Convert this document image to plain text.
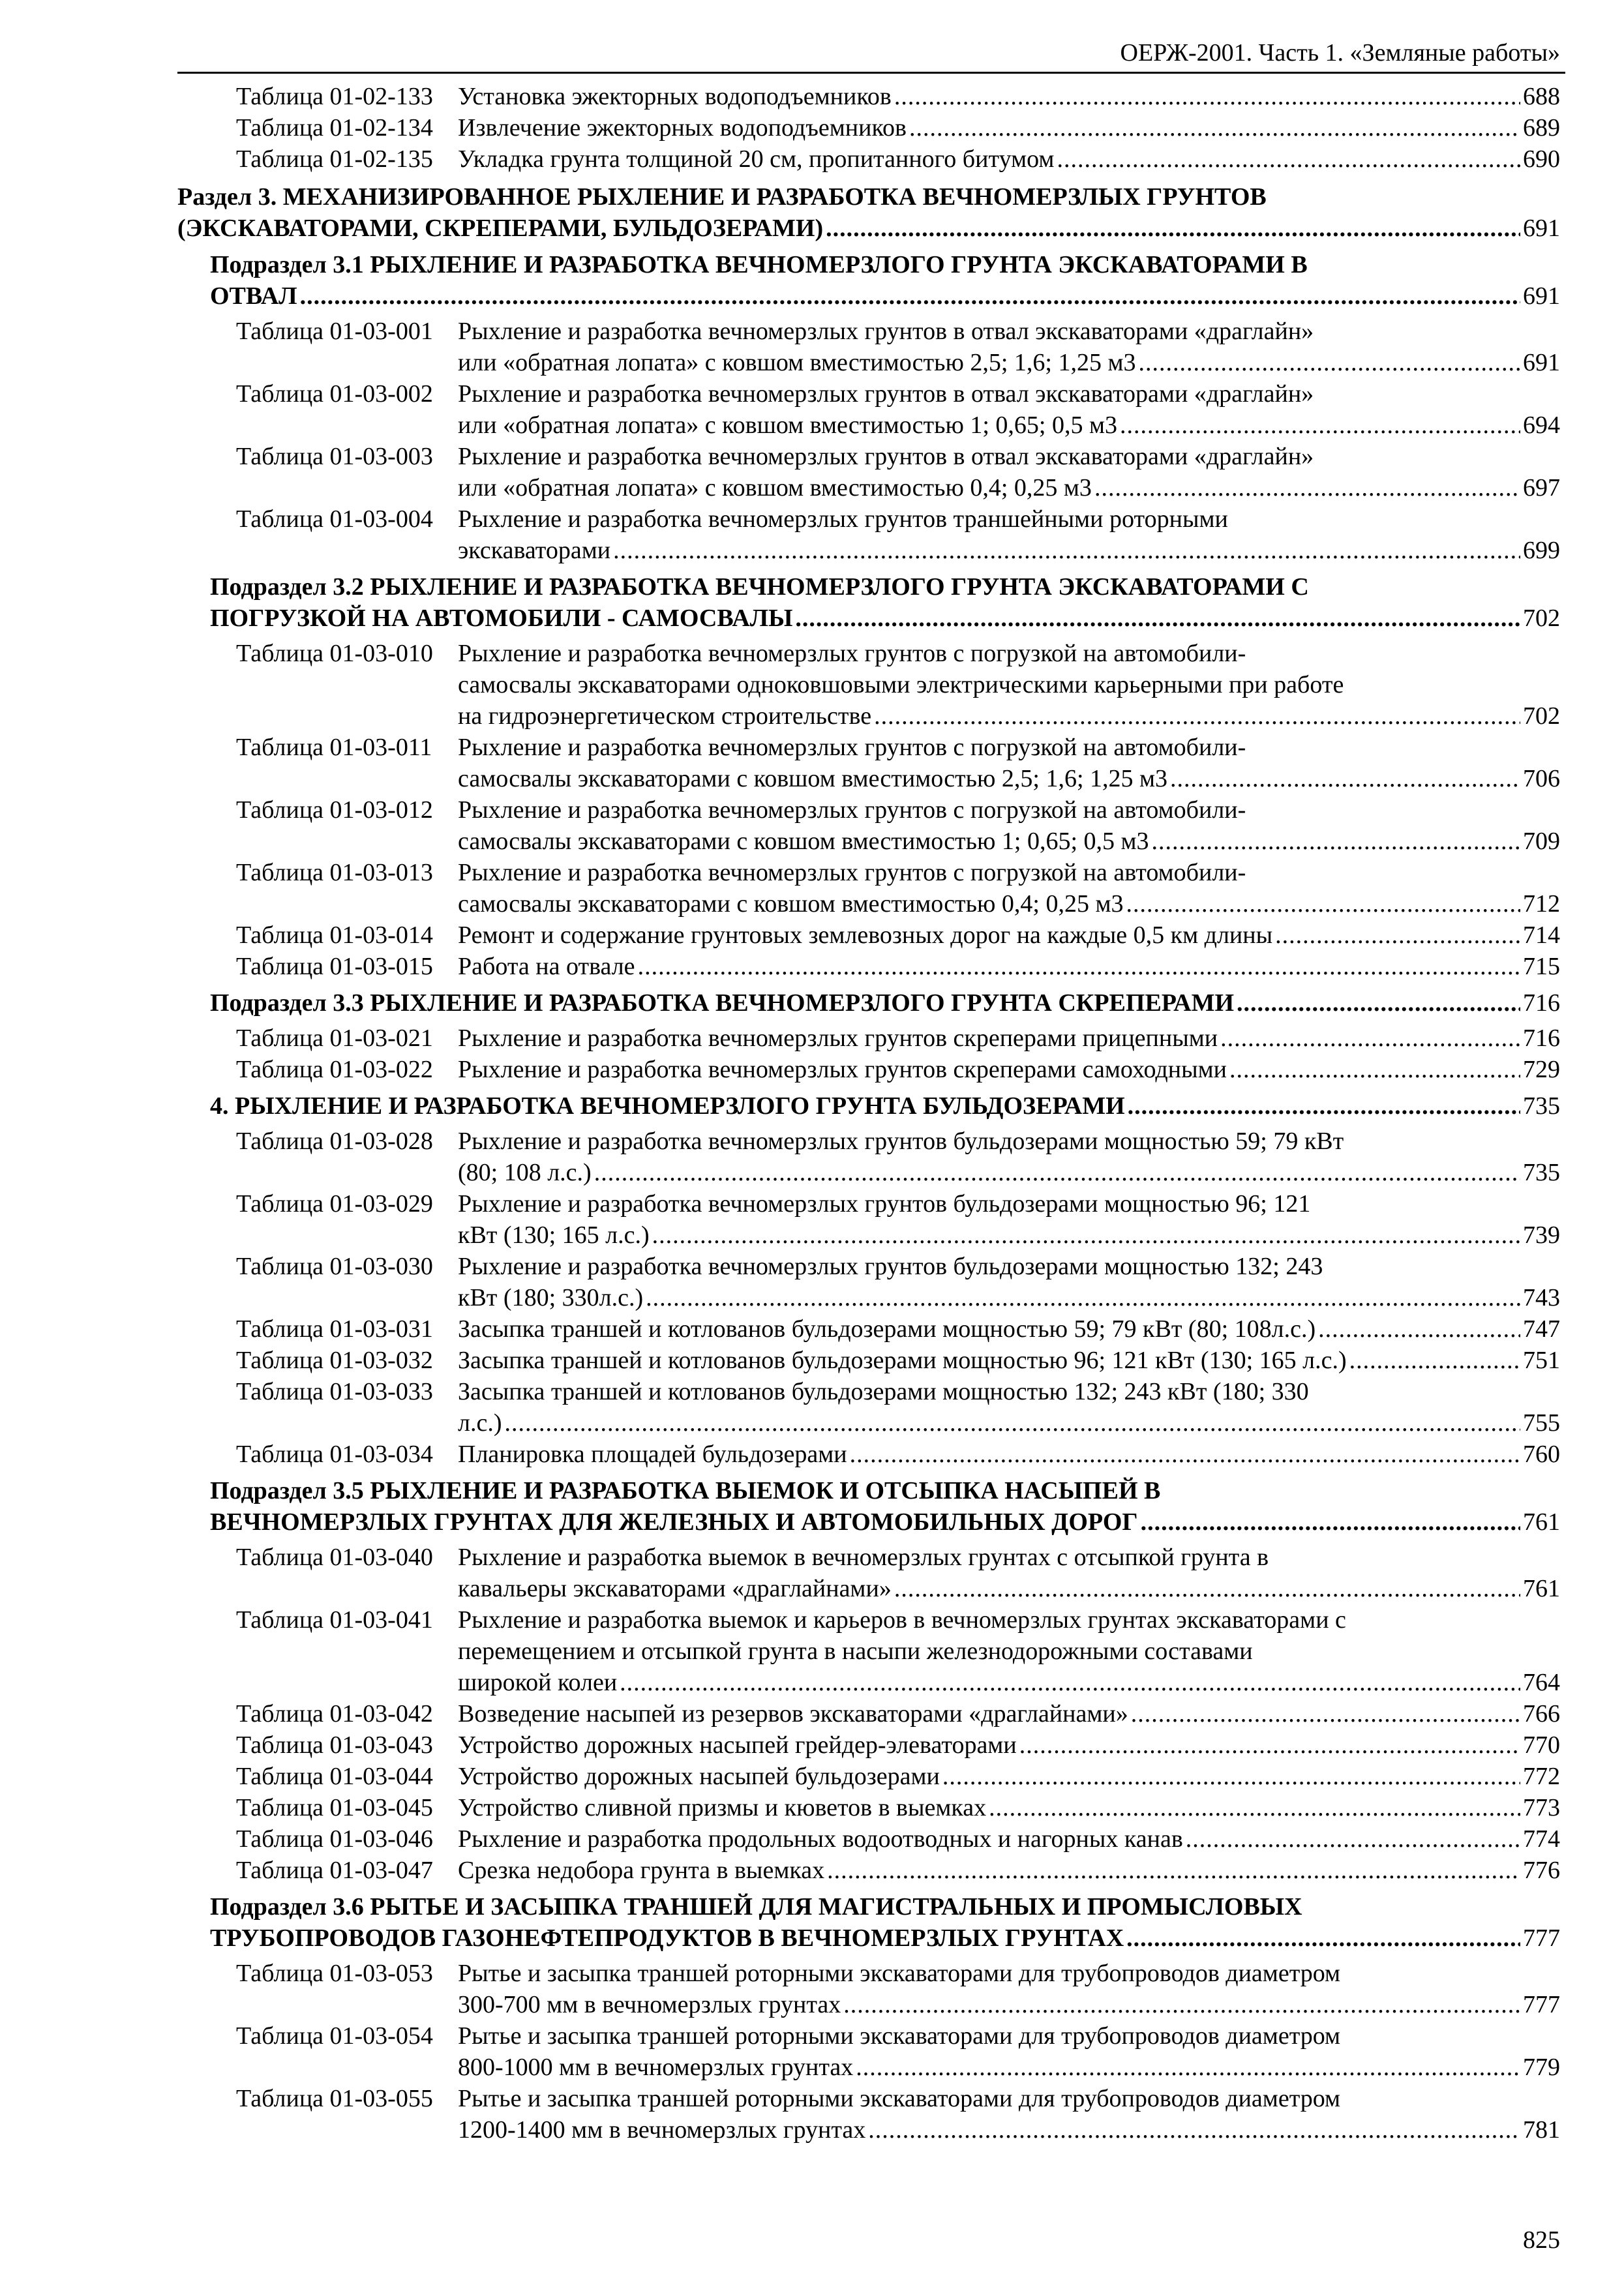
ОЕРЖ-2001. Часть 1. «Земляные работы»
Таблица 01-02-133	Установка эжекторных водоподъемников .....	688
Таблица 01-02-134	Извлечение эжекторных водоподъемников .....	689
Таблица 01-02-135	Укладка грунта толщиной 20 см, пропитанного битумом .....	690
Раздел 3. МЕХАНИЗИРОВАННОЕ РЫХЛЕНИЕ И РАЗРАБОТКА ВЕЧНОМЕРЗЛЫХ ГРУНТОВ
(ЭКСКАВАТОРАМИ, СКРЕПЕРАМИ, БУЛЬДОЗЕРАМИ) .....	691
Подраздел 3.1 РЫХЛЕНИЕ И РАЗРАБОТКА ВЕЧНОМЕРЗЛОГО ГРУНТА ЭКСКАВАТОРАМИ В
ОТВАЛ .....	691
Таблица 01-03-001	Рыхление и разработка вечномерзлых грунтов в отвал экскаваторами «драглайн»
или «обратная лопата» с ковшом вместимостью 2,5; 1,6; 1,25 м3 .....	691
Таблица 01-03-002	Рыхление и разработка вечномерзлых грунтов в отвал экскаваторами «драглайн»
или «обратная лопата» с ковшом вместимостью 1; 0,65; 0,5 м3 .....	694
Таблица 01-03-003	Рыхление и разработка вечномерзлых грунтов в отвал экскаваторами «драглайн»
или «обратная лопата» с ковшом вместимостью 0,4; 0,25 м3 .....	697
Таблица 01-03-004	Рыхление и разработка вечномерзлых грунтов траншейными роторными
экскаваторами .....	699
Подраздел 3.2 РЫХЛЕНИЕ И РАЗРАБОТКА ВЕЧНОМЕРЗЛОГО ГРУНТА ЭКСКАВАТОРАМИ С
ПОГРУЗКОЙ НА АВТОМОБИЛИ - САМОСВАЛЫ .....	702
Таблица 01-03-010	Рыхление и разработка вечномерзлых грунтов с погрузкой на автомобили-
самосвалы экскаваторами одноковшовыми электрическими карьерными при работе
на гидроэнергетическом строительстве .....	702
Таблица 01-03-011	Рыхление и разработка вечномерзлых грунтов с погрузкой на автомобили-
самосвалы экскаваторами с ковшом вместимостью 2,5; 1,6; 1,25 м3 .....	706
Таблица 01-03-012	Рыхление и разработка вечномерзлых грунтов с погрузкой на автомобили-
самосвалы экскаваторами с ковшом вместимостью 1; 0,65; 0,5 м3 .....	709
Таблица 01-03-013	Рыхление и разработка вечномерзлых грунтов с погрузкой на автомобили-
самосвалы экскаваторами с ковшом вместимостью 0,4; 0,25 м3 .....	712
Таблица 01-03-014	Ремонт и содержание грунтовых землевозных дорог на каждые 0,5 км длины .....	714
Таблица 01-03-015	Работа на отвале .....	715
Подраздел 3.3 РЫХЛЕНИЕ И РАЗРАБОТКА ВЕЧНОМЕРЗЛОГО ГРУНТА СКРЕПЕРАМИ .....	716
Таблица 01-03-021	Рыхление и разработка вечномерзлых грунтов скреперами прицепными .....	716
Таблица 01-03-022	Рыхление и разработка вечномерзлых грунтов скреперами самоходными .....	729
4. РЫХЛЕНИЕ И РАЗРАБОТКА ВЕЧНОМЕРЗЛОГО ГРУНТА БУЛЬДОЗЕРАМИ .....	735
Таблица 01-03-028	Рыхление и разработка вечномерзлых грунтов бульдозерами мощностью 59; 79 кВт
(80; 108 л.с.) .....	735
Таблица 01-03-029	Рыхление и разработка вечномерзлых грунтов бульдозерами мощностью 96; 121
кВт (130; 165 л.с.) .....	739
Таблица 01-03-030	Рыхление и разработка вечномерзлых грунтов бульдозерами мощностью 132; 243
кВт (180; 330л.с.) .....	743
Таблица 01-03-031	Засыпка траншей и котлованов бульдозерами мощностью 59; 79 кВт (80; 108л.с.) .....	747
Таблица 01-03-032	Засыпка траншей и котлованов бульдозерами мощностью 96; 121 кВт (130; 165 л.с.) .....	751
Таблица 01-03-033	Засыпка траншей и котлованов бульдозерами мощностью 132; 243 кВт (180; 330
л.с.) .....	755
Таблица 01-03-034	Планировка площадей бульдозерами .....	760
Подраздел 3.5 РЫХЛЕНИЕ И РАЗРАБОТКА ВЫЕМОК И ОТСЫПКА НАСЫПЕЙ В
ВЕЧНОМЕРЗЛЫХ ГРУНТАХ ДЛЯ ЖЕЛЕЗНЫХ И АВТОМОБИЛЬНЫХ ДОРОГ .....	761
Таблица 01-03-040	Рыхление и разработка выемок в вечномерзлых грунтах с отсыпкой грунта в
кавальеры экскаваторами «драглайнами» .....	761
Таблица 01-03-041	Рыхление и разработка выемок и карьеров в вечномерзлых грунтах экскаваторами с
перемещением и отсыпкой грунта в насыпи железнодорожными составами
широкой колеи .....	764
Таблица 01-03-042	Возведение насыпей из резервов экскаваторами «драглайнами» .....	766
Таблица 01-03-043	Устройство дорожных насыпей грейдер-элеваторами .....	770
Таблица 01-03-044	Устройство дорожных насыпей бульдозерами .....	772
Таблица 01-03-045	Устройство сливной призмы и кюветов в выемках .....	773
Таблица 01-03-046	Рыхление и разработка продольных водоотводных и нагорных канав .....	774
Таблица 01-03-047	Срезка недобора грунта в выемках .....	776
Подраздел 3.6 РЫТЬЕ И ЗАСЫПКА ТРАНШЕЙ ДЛЯ МАГИСТРАЛЬНЫХ И ПРОМЫСЛОВЫХ
ТРУБОПРОВОДОВ ГАЗОНЕФТЕПРОДУКТОВ В ВЕЧНОМЕРЗЛЫХ ГРУНТАХ .....	777
Таблица 01-03-053	Рытье и засыпка траншей роторными экскаваторами для трубопроводов диаметром
300-700 мм в вечномерзлых грунтах .....	777
Таблица 01-03-054	Рытье и засыпка траншей роторными экскаваторами для трубопроводов диаметром
800-1000 мм в вечномерзлых грунтах .....	779
Таблица 01-03-055	Рытье и засыпка траншей роторными экскаваторами для трубопроводов диаметром
1200-1400 мм в вечномерзлых грунтах .....	781
825
